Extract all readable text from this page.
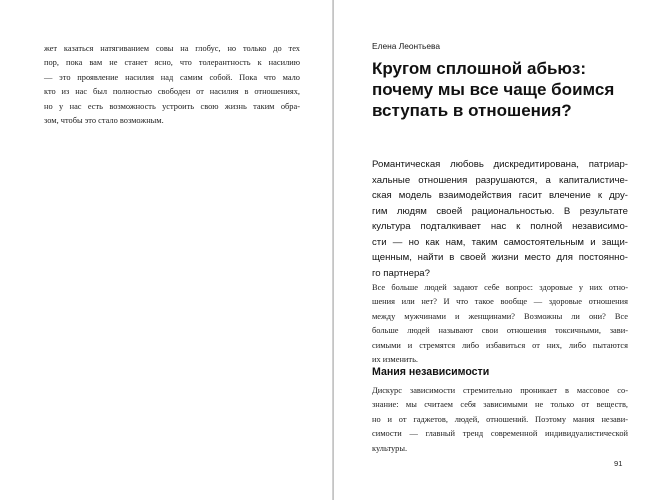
жет казаться натягиванием совы на глобус, но только до тех
пор, пока вам не станет ясно, что толерантность к насилию
— это проявление насилия над самим собой. Пока что мало
кто из нас был полностью свободен от насилия в отношениях,
но у нас есть возможность устроить свою жизнь таким обра-
зом, чтобы это стало возможным.
Елена Леонтьева
Кругом сплошной абьюз:
почему мы все чаще боимся
вступать в отношения?
Романтическая любовь дискредитирована, патриар-
хальные отношения разрушаются, а капиталистиче-
ская модель взаимодействия гасит влечение к дру-
гим людям своей рациональностью. В результате
культура подталкивает нас к полной независимо-
сти — но как нам, таким самостоятельным и защи-
щенным, найти в своей жизни место для постоянно-
го партнера?
Все больше людей задают себе вопрос: здоровые у них отно-
шения или нет? И что такое вообще — здоровые отношения
между мужчинами и женщинами? Возможны ли они? Все
больше людей называют свои отношения токсичными, зави-
симыми и стремятся либо избавиться от них, либо пытаются
их изменить.
Мания независимости
Дискурс зависимости стремительно проникает в массовое со-
знание: мы считаем себя зависимыми не только от веществ,
но и от гаджетов, людей, отношений. Поэтому мания незави-
симости — главный тренд современной индивидуалистической
культуры.
91
